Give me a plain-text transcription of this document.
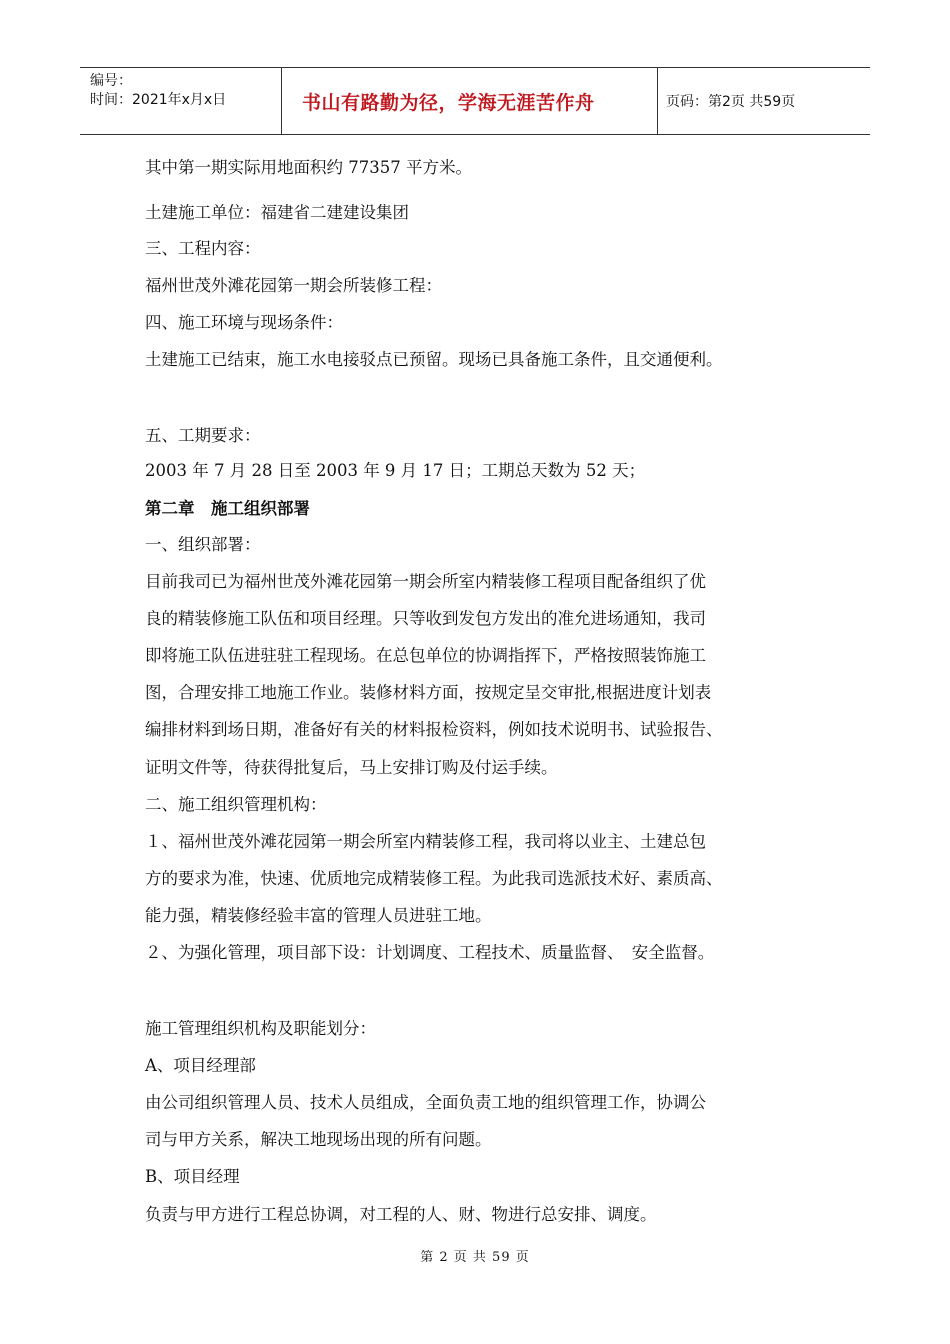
编号：
时间：2021年x月x日	书山有路勤为径，学海无涯苦作舟	页码：第2页 共59页
其中第一期实际用地面积约 77357 平方米。
土建施工单位：福建省二建建设集团
三、工程内容：
福州世茂外滩花园第一期会所装修工程：
四、施工环境与现场条件：
土建施工已结束，施工水电接驳点已预留。现场已具备施工条件，且交通便利。
五、工期要求：
2003 年 7 月 28 日至 2003 年 9 月 17 日；工期总天数为 52 天；
第二章　施工组织部署
一、组织部署：
目前我司已为福州世茂外滩花园第一期会所室内精装修工程项目配备组织了优
良的精装修施工队伍和项目经理。只等收到发包方发出的准允进场通知，我司
即将施工队伍进驻驻工程现场。在总包单位的协调指挥下，严格按照装饰施工
图，合理安排工地施工作业。装修材料方面，按规定呈交审批,根据进度计划表
编排材料到场日期，准备好有关的材料报检资料，例如技术说明书、试验报告、
证明文件等，待获得批复后，马上安排订购及付运手续。
二、施工组织管理机构：
１、福州世茂外滩花园第一期会所室内精装修工程，我司将以业主、土建总包
方的要求为准，快速、优质地完成精装修工程。为此我司选派技术好、素质高、
能力强，精装修经验丰富的管理人员进驻工地。
２、为强化管理，项目部下设：计划调度、工程技术、质量监督、　安全监督。
施工管理组织机构及职能划分：
A、项目经理部
由公司组织管理人员、技术人员组成，全面负责工地的组织管理工作，协调公
司与甲方关系，解决工地现场出现的所有问题。
B、项目经理
负责与甲方进行工程总协调，对工程的人、财、物进行总安排、调度。
第 2 页 共 59 页
